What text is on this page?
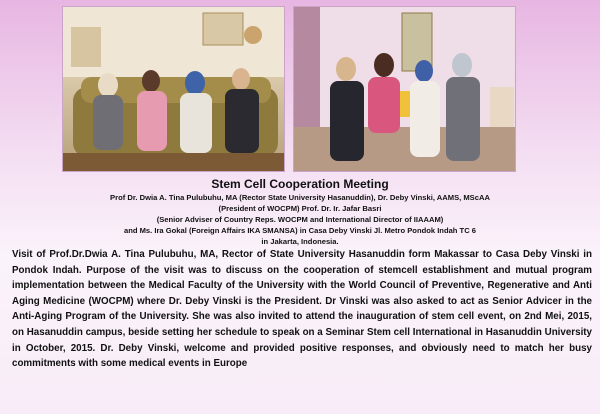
Stem Cell Cooperation Meeting

Prof Dr. Dwia A. Tina Pulubuhu, MA (Rector State University Hasanuddin), Dr. Deby Vinski, AAMS, MScAA

(President of WOCPM) Prof. Dr. Ir. Jafar Basri

(Senior Adviser of Country Reps. WOCPM and International Director of IIAAAM)

and Ms. Ira Gokal (Foreign Affairs IKA SMANSA) in Casa Deby Vinski Jl. Metro Pondok Indah TC 6

in Jakarta, Indonesia.

Visit of Prof.Dr.Dwia A. Tina Pulubuhu, MA, Rector of State University Hasanuddin form Makassar to Casa Deby Vinski in Pondok Indah. Purpose of the visit was to discuss on the cooperation of stemcell establishment and mutual program implementation between the Medical Faculty of the University with the World Council of Preventive, Regenerative and Anti Aging Medicine (WOCPM) where Dr. Deby Vinski is the President. Dr Vinski was also asked to act as Senior Advicer in the Anti-Aging Program of the University. She was also invited to attend the inauguration of stem cell event, on 2nd Mei, 2015, on Hasanuddin campus, beside setting her schedule to speak on a Seminar Stem cell International in Hasanuddin University in October, 2015. Dr. Deby Vinski, welcome and provided positive responses, and obviously need to match her busy commitments with some medical events in Europe
